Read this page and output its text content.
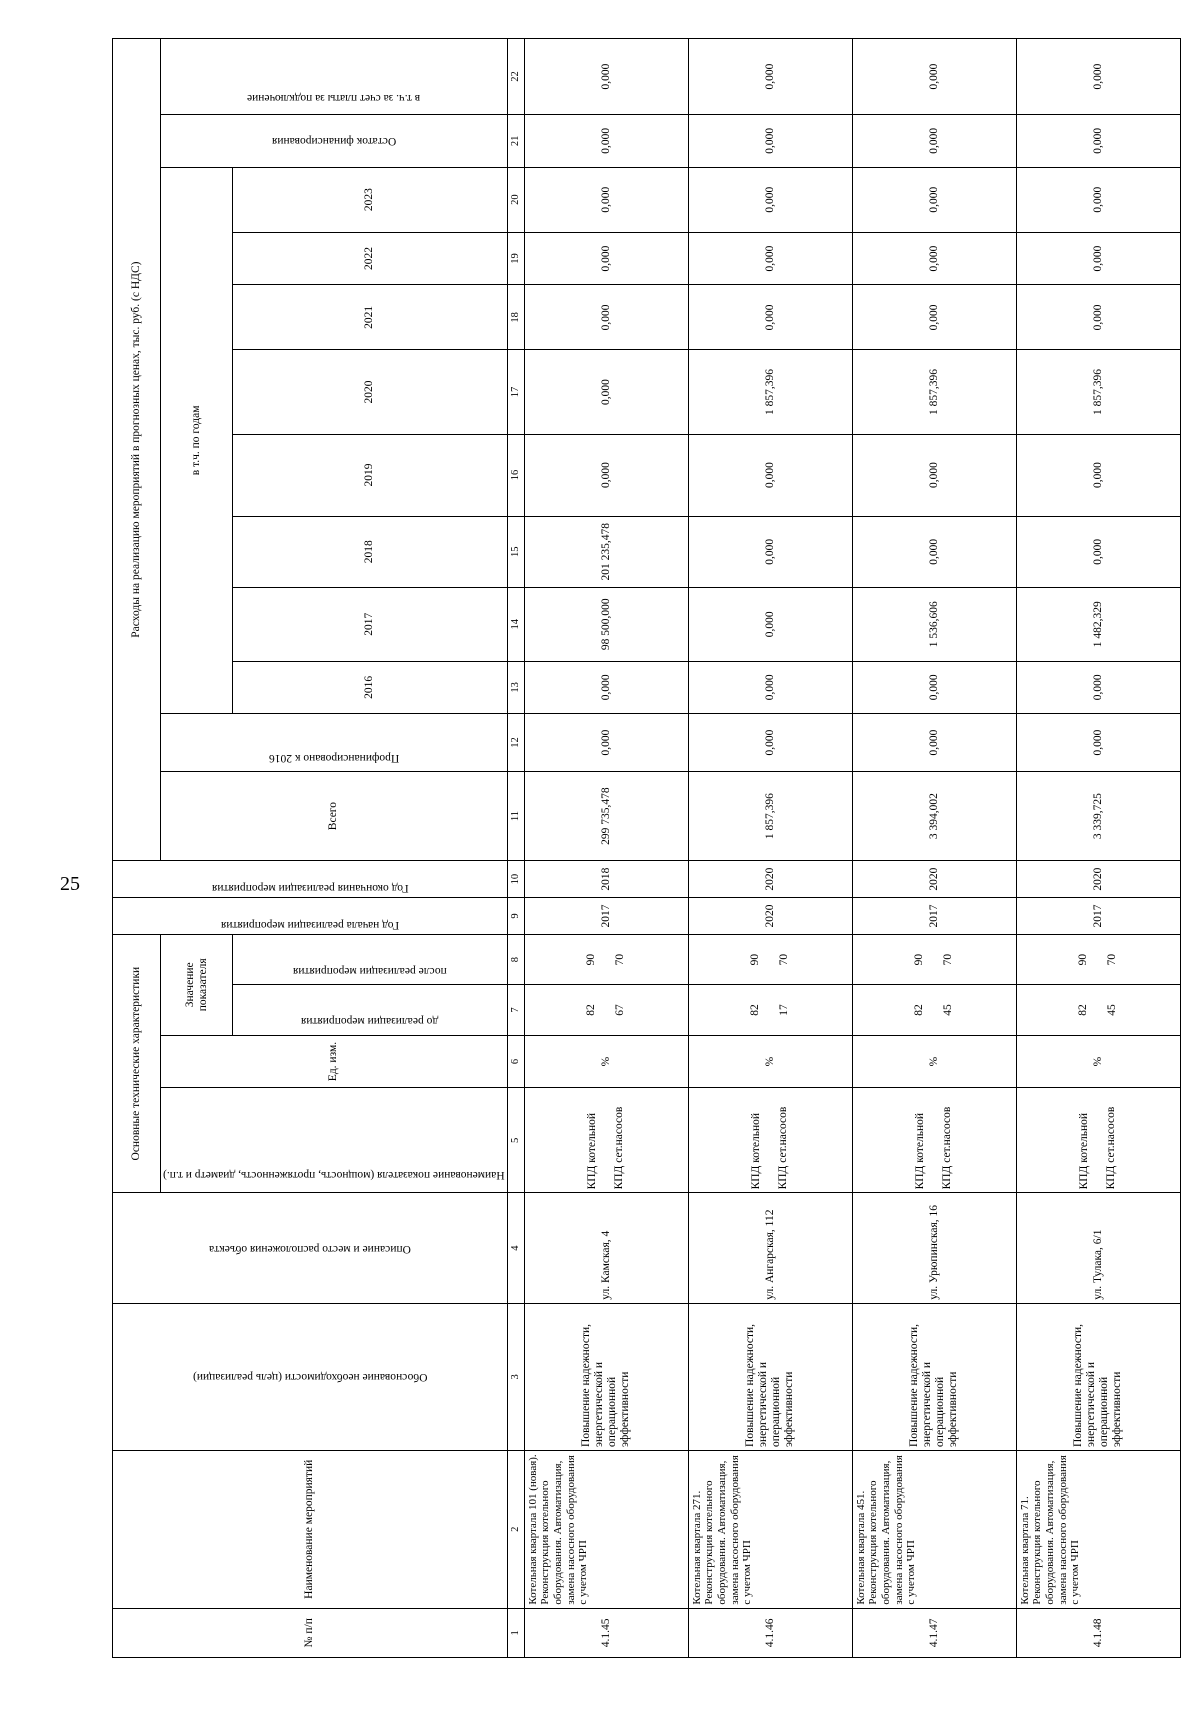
25
№ п/п	Наименование мероприятий	Обоснование необходимости (цель реализации)	Описание и место расположения объекта	Основные технические характеристики				Год начала реализации мероприятия	Год окончания реализации мероприятия	Расходы на реализацию мероприятий в прогнозных ценах, тыс. руб. (с НДС)											

				Наименование показателя (мощность, протяженность, диаметр и т.п.)	Ед. изм.	Значение показателя				Всего	Профинансировано к 2016	в т.ч. по годам								Остаток финансирования	в т.ч. за счет платы за подключение

						до реализации мероприятия	после реализации мероприятия					2016	2017	2018	2019	2020	2021	2022	2023		
1	2	3	4	5	6	7	8	9	10	11	12	13	14	15	16	17	18	19	20	21	22
4.1.45	Котельная квартала 101 (новая). Реконструкция котельного оборудования. Автоматизация, замена насосного оборудования с учетом ЧРП	Повышение надежности, энергетической и операционной эффективности	ул. Камская, 4	КПД котельной КПД сет.насосов	%	82 67	90 70	2017	2018	299 735,478	0,000	0,000	98 500,000	201 235,478	0,000	0,000	0,000	0,000	0,000	0,000	0,000
4.1.46	Котельная квартала 271. Реконструкция котельного оборудования. Автоматизация, замена насосного оборудования с учетом ЧРП	Повышение надежности, энергетической и операционной эффективности	ул. Ангарская, 112	КПД котельной КПД сет.насосов	%	82 17	90 70	2020	2020	1 857,396	0,000	0,000	0,000	0,000	0,000	1 857,396	0,000	0,000	0,000	0,000	0,000
4.1.47	Котельная квартала 451. Реконструкция котельного оборудования. Автоматизация, замена насосного оборудования с учетом ЧРП	Повышение надежности, энергетической и операционной эффективности	ул. Урюпинская, 16	КПД котельной КПД сет.насосов	%	82 45	90 70	2017	2020	3 394,002	0,000	0,000	1 536,606	0,000	0,000	1 857,396	0,000	0,000	0,000	0,000	0,000
4.1.48	Котельная квартала 71. Реконструкция котельного оборудования. Автоматизация, замена насосного оборудования с учетом ЧРП	Повышение надежности, энергетической и операционной эффективности	ул. Тулака, 6/1	КПД котельной КПД сет.насосов	%	82 45	90 70	2017	2020	3 339,725	0,000	0,000	1 482,329	0,000	0,000	1 857,396	0,000	0,000	0,000	0,000	0,000
